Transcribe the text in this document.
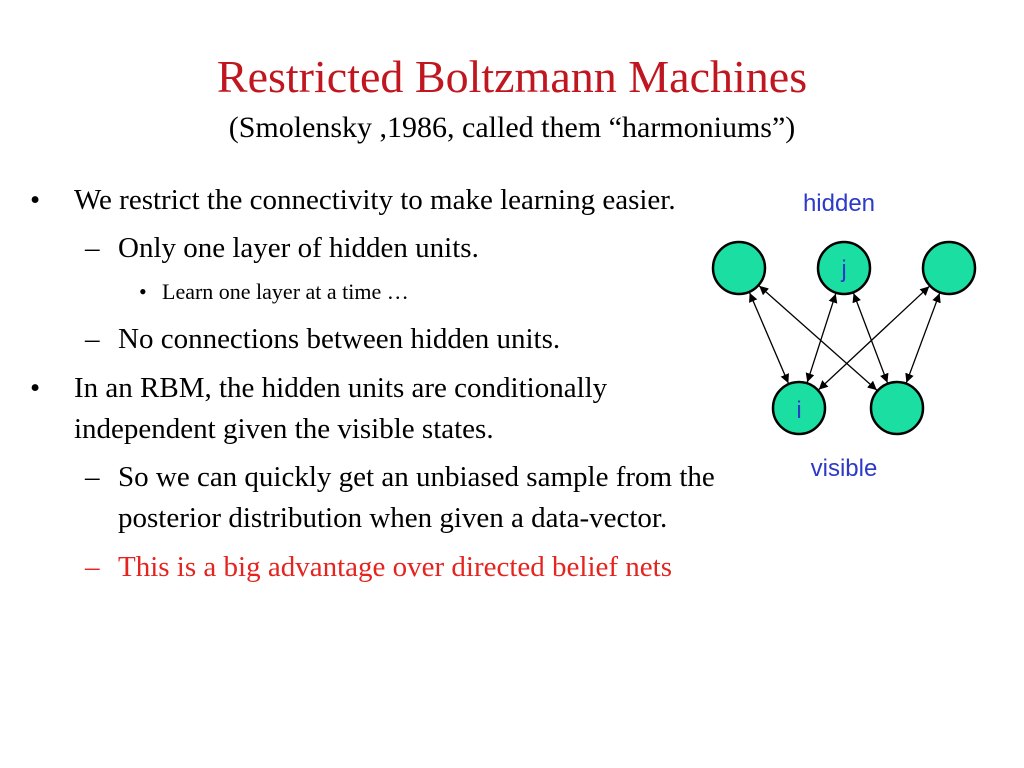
Restricted Boltzmann Machines
(Smolensky ,1986, called them “harmoniums”)
• We restrict the connectivity to make learning easier.
– Only one layer of hidden units.
• Learn one layer at a time …
– No connections between hidden units.
• In an RBM, the hidden units are conditionally independent given the visible states.
– So we can quickly get an unbiased sample from the posterior distribution when given a data-vector.
– This is a big advantage over directed belief nets
hidden
visible
j
i
